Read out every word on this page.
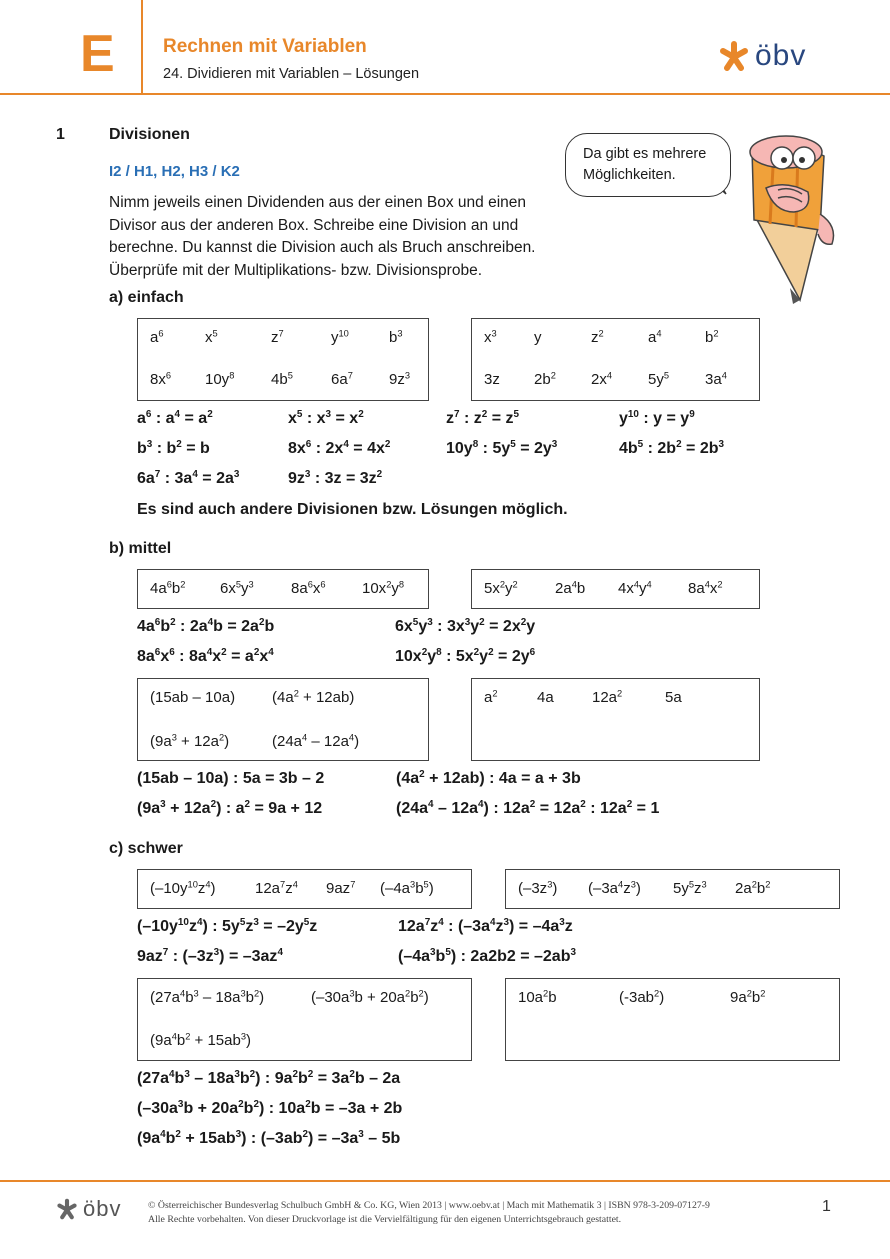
E	Rechnen mit Variablen
24. Dividieren mit Variablen – Lösungen
öbv
1	Divisionen
I2 / H1, H2, H3 / K2
Nimm jeweils einen Dividenden aus der einen Box und einen
Divisor aus der anderen Box. Schreibe eine Division an und
berechne. Du kannst die Division auch als Bruch anschreiben.
Überprüfe mit der Multiplikations- bzw. Divisionsprobe.
Da gibt es mehrere
Möglichkeiten.
a) einfach
$a^6$	$x^5$	$z^7$	$y^{10}$	$b^3$
$8x^6$ $10y^8$ $4b^5$	$6a^7$ $9z^3$
$x^3$ y	$z^2$	$a^4$	$b^2$
3z $2b^2$ $2x^4$ $5y^5$ $3a^4$
$a^6$ : $a^4 = a^2$	$x^5$ : $x^3 = x^2$	$z^7$ : $z^2 = z^5$	$y^{10}$ : $y = y^9$
$b^3$ : $b^2 = b$	$8x^6$ : $2x^4 = 4x^2$	$10y^8$ : $5y^5 = 2y^3$	$4b^5$ : $2b^2 = 2b^3$
$6a^7$ : $3a^4 = 2a^3$	$9z^3$ : $3z = 3z^2$
Es sind auch andere Divisionen bzw. Lösungen möglich.
b) mittel
$4a^6b^2$ $6x^5y^3$ $8a^6x^6$ $10x^2y^8$	$5x^2y^2$ $2a^4b$ $4x^4y^4$ $8a^4x^2$
$4a^6b^2$ : $2a^4b = 2a^2b$	$6x^5y^3$ : $3x^3y^2 = 2x^2y$
$8a^6x^6$ : $8a^4x^2 = a^2x^4$	$10x^2y^8$ : $5x^2y^2 = 2y^6$
(15ab – 10a) $(4a^2 + 12ab)$
$(9a^3 + 12a^2)$	$(24a^4 - 12a^4)$
$a^2$	4a	$12a^2$	5a
(15ab – 10a) : 5a = 3b – 2	$(4a^2 + 12ab)$ : 4a = a + 3b
$(9a^3 + 12a^2)$ : $a^2 = 9a + 12$	$(24a^4 - 12a^4)$ : $12a^2 = 12a^2$ : $12a^2 = 1$
c) schwer
$(-10y^{10}z^4)$	$12a^7z^4$ $9az^7$ $(-4a^3b^5)$	$(-3z^3)$ $(-3a^4z^3)$ $5y^5z^3$ $2a^2b^2$
$(-10y^{10}z^4)$ : $5y^5z^3 = -2y^5z$	$12a^7z^4$ : $(-3a^4z^3) = -4a^3z$
$9az^7$ : $(-3z^3) = -3az^4$	$(-4a^3b^5)$ : $2a2b2 = -2ab^3$
$(27a^4b^3 - 18a^3b^2)$	$(-30a^3b + 20a^2b^2)$
$(9a^4b^2 + 15ab^3)$
$10a^2b$	$(-3ab^2)$	$9a^2b^2$
$(27a^4b^3 - 18a^3b^2)$ : $9a^2b^2 = 3a^2b - 2a$
$(-30a^3b + 20a^2b^2)$ : $10a^2b = -3a + 2b$
$(9a^4b^2 + 15ab^3)$ : $(-3ab^2) = -3a^3 - 5b$
öbv	© Österreichischer Bundesverlag Schulbuch GmbH & Co. KG, Wien 2013 | www.oebv.at | Mach mit Mathematik 3 | ISBN 978-3-209-07127-9
Alle Rechte vorbehalten. Von dieser Druckvorlage ist die Vervielfältigung für den eigenen Unterrichtsgebrauch gestattet.
1
